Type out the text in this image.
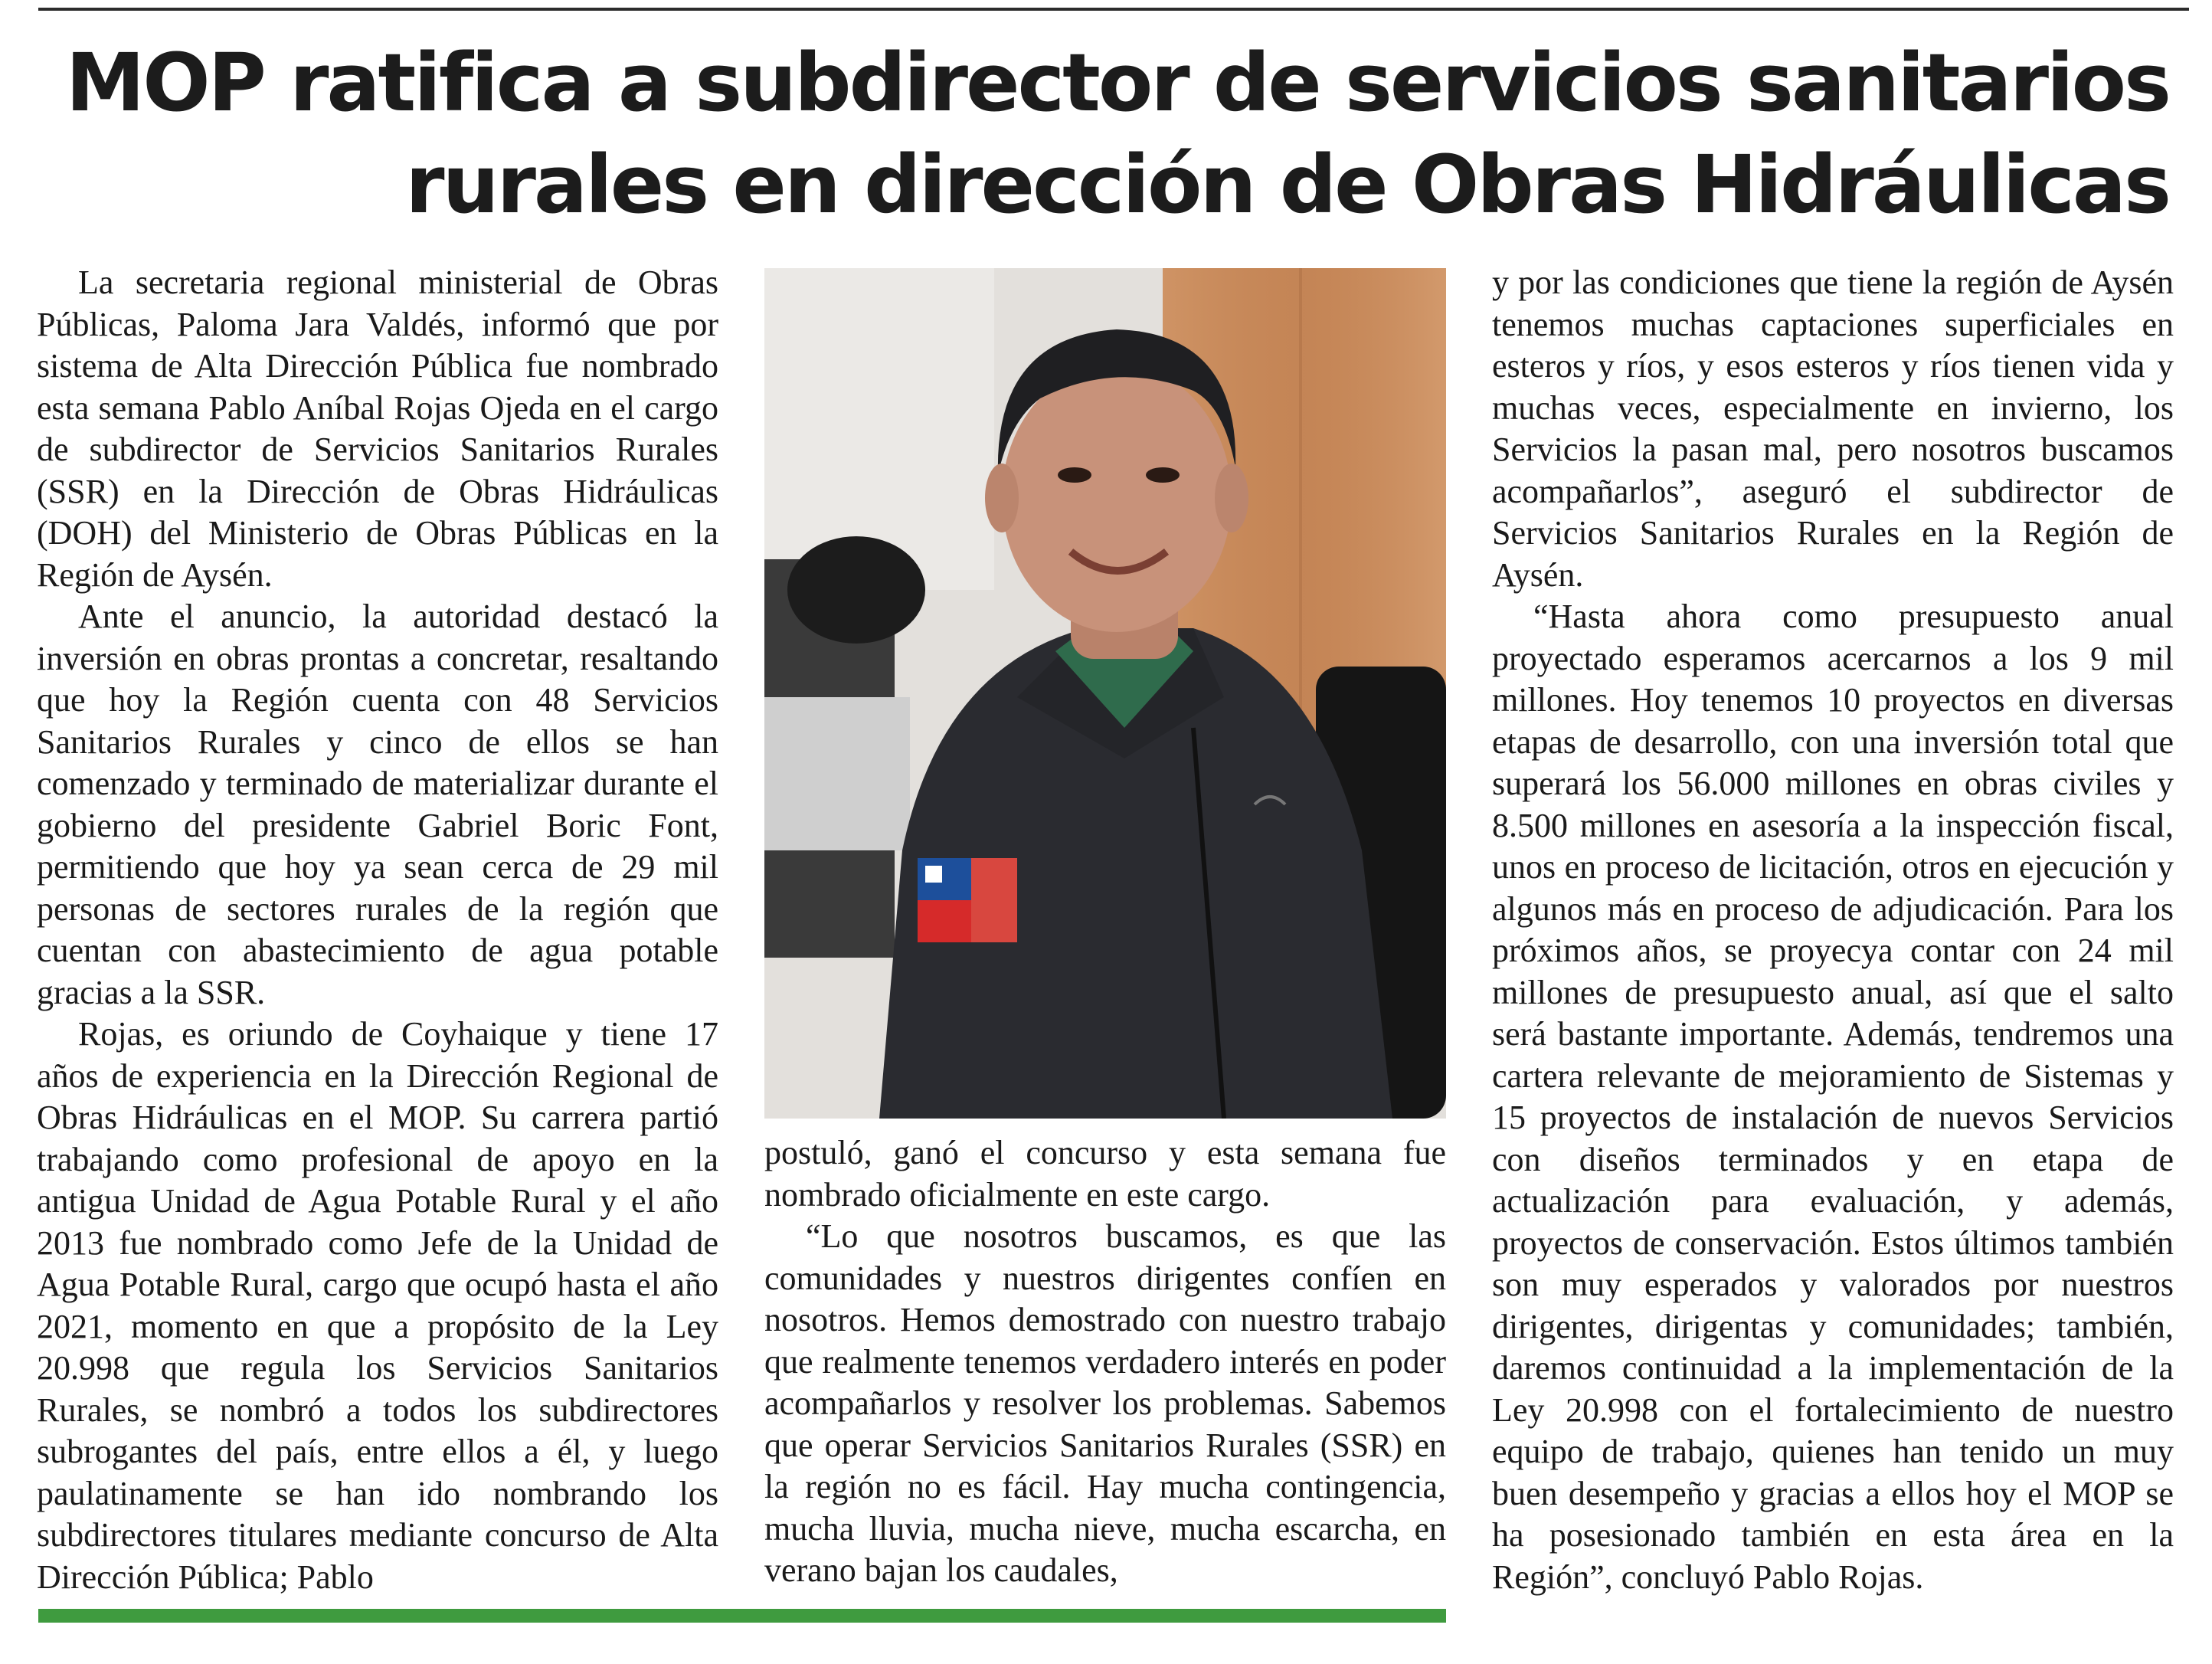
MOP ratifica a subdirector de servicios sanitarios
rurales en dirección de Obras Hidráulicas

La secretaria regional ministerial de Obras Públicas, Paloma Jara Valdés, informó que por sistema de Alta Dirección Pública fue nombrado esta semana Pablo Aníbal Rojas Ojeda en el cargo de subdirector de Servicios Sanitarios Rurales (SSR) en la Dirección de Obras Hidráulicas (DOH) del Ministerio de Obras Públicas en la Región de Aysén.

Ante el anuncio, la autoridad destacó la inversión en obras prontas a concretar, resaltando que hoy la Región cuenta con 48 Servicios Sanitarios Rurales y cinco de ellos se han comenzado y terminado de materializar durante el gobierno del presidente Gabriel Boric Font, permitiendo que hoy ya sean cerca de 29 mil personas de sectores rurales de la región que cuentan con abastecimiento de agua potable gracias a la SSR.

Rojas, es oriundo de Coyhaique y tiene 17 años de experiencia en la Dirección Regional de Obras Hidráulicas en el MOP. Su carrera partió trabajando como profesional de apoyo en la antigua Unidad de Agua Potable Rural y el año 2013 fue nombrado como Jefe de la Unidad de Agua Potable Rural, cargo que ocupó hasta el año 2021, momento en que a propósito de la Ley 20.998 que regula los Servicios Sanitarios Rurales, se nombró a todos los subdirectores subrogantes del país, entre ellos a él, y luego paulatinamente se han ido nombrando los subdirectores titulares mediante concurso de Alta Dirección Pública; Pablo

postuló, ganó el concurso y esta semana fue nombrado oficialmente en este cargo.

“Lo que nosotros buscamos, es que las comunidades y nuestros dirigentes confíen en nosotros. Hemos demostrado con nuestro trabajo que realmente tenemos verdadero interés en poder acompañarlos y resolver los problemas. Sabemos que operar Servicios Sanitarios Rurales (SSR) en la región no es fácil. Hay mucha contingencia, mucha lluvia, mucha nieve, mucha escarcha, en verano bajan los caudales,

y por las condiciones que tiene la región de Aysén tenemos muchas captaciones superficiales en esteros y ríos, y esos esteros y ríos tienen vida y muchas veces, especialmente en invierno, los Servicios la pasan mal, pero nosotros buscamos acompañarlos”, aseguró el subdirector de Servicios Sanitarios Rurales en la Región de Aysén.

“Hasta ahora como presupuesto anual proyectado esperamos acercarnos a los 9 mil millones. Hoy tenemos 10 proyectos en diversas etapas de desarrollo, con una inversión total que superará los 56.000 millones en obras civiles y 8.500 millones en asesoría a la inspección fiscal, unos en proceso de licitación, otros en ejecución y algunos más en proceso de adjudicación. Para los próximos años, se proyecya contar con 24 mil millones de presupuesto anual, así que el salto será bastante importante. Además, tendremos una cartera relevante de mejoramiento de Sistemas y 15 proyectos de instalación de nuevos Servicios con diseños terminados y en etapa de actualización para evaluación, y además, proyectos de conservación. Estos últimos también son muy esperados y valorados por nuestros dirigentes, dirigentas y comunidades; también, daremos continuidad a la implementación de la Ley 20.998 con el fortalecimiento de nuestro equipo de trabajo, quienes han tenido un muy buen desempeño y gracias a ellos hoy el MOP se ha posesionado también en esta área en la Región”, concluyó Pablo Rojas.
